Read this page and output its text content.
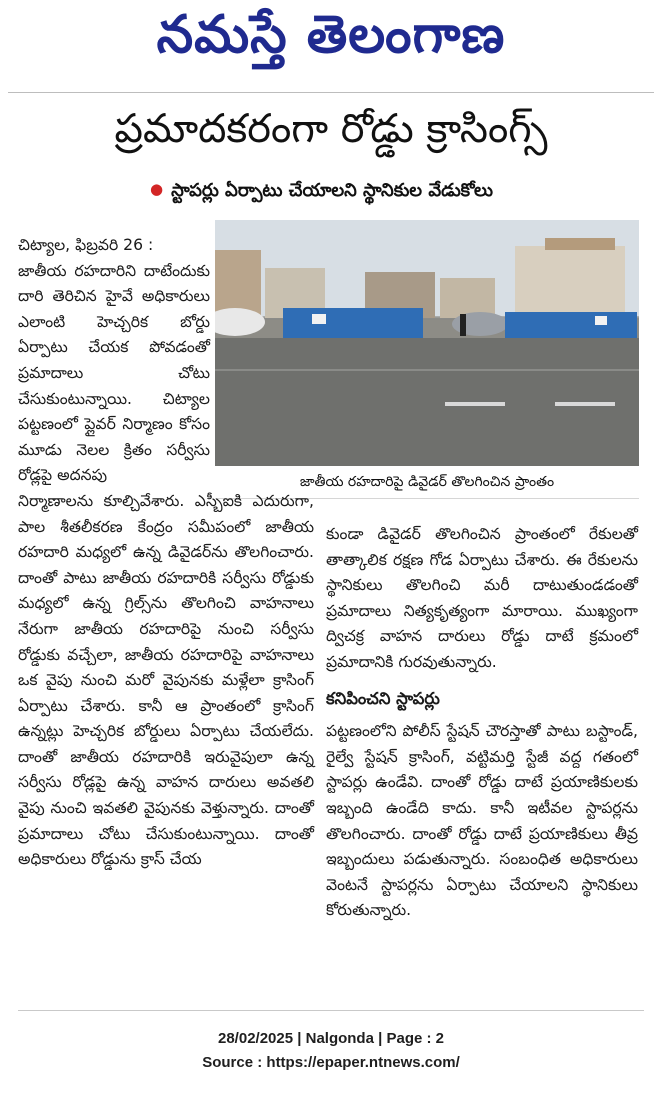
నమస్తే తెలంగాణ
ప్రమాదకరంగా రోడ్డు క్రాసింగ్స్
● స్టాపర్లు ఏర్పాటు చేయాలని స్థానికుల వేడుకోలు
జాతీయ రహదారిపై డివైడర్ తొలగించిన ప్రాంతం

చిట్యాల, ఫిబ్రవరి 26 :

జాతీయ రహదారిని దాటేందుకు దారి తెరిచిన హైవే అధికారులు ఎలాంటి హెచ్చరిక బోర్డు ఏర్పాటు చేయక పోవడంతో ప్రమాదాలు చోటు చేసుకుంటున్నాయి. చిట్యాల పట్టణంలో ప్లైవర్ నిర్మాణం కోసం మూడు నెలల క్రితం సర్వీసు రోడ్లపై అదనపు

నిర్మాణాలను కూల్చివేశారు. ఎస్బీఐకి ఎదురుగా, పాల శీతలీకరణ కేంద్రం సమీపంలో జాతీయ రహదారి మధ్యలో ఉన్న డివైడర్‌ను తొలగించారు. దాంతో పాటు జాతీయ రహదారికి సర్వీసు రోడ్డుకు మధ్యలో ఉన్న గ్రిల్స్‌ను తొలగించి వాహనాలు నేరుగా జాతీయ రహదారిపై నుంచి సర్వీసు రోడ్డుకు వచ్చేలా, జాతీయ రహదారిపై వాహనాలు ఒక వైపు నుంచి మరో వైపునకు మళ్లేలా క్రాసింగ్ ఏర్పాటు చేశారు. కానీ ఆ ప్రాంతంలో క్రాసింగ్ ఉన్నట్లు హెచ్చరిక బోర్డులు ఏర్పాటు చేయలేదు. దాంతో జాతీయ రహదారికి ఇరువైపులా ఉన్న సర్వీసు రోడ్లపై ఉన్న వాహన దారులు అవతలి వైపు నుంచి ఇవతలి వైపునకు వెళ్తున్నారు. దాంతో ప్రమాదాలు చోటు చేసుకుంటున్నాయి. దాంతో అధికారులు రోడ్డును క్రాస్ చేయ

కుండా డివైడర్ తొలగించిన ప్రాంతంలో రేకులతో తాత్కాలిక రక్షణ గోడ ఏర్పాటు చేశారు. ఈ రేకులను స్థానికులు తొలగించి మరీ దాటుతుండడంతో ప్రమాదాలు నిత్యకృత్యంగా మారాయి. ముఖ్యంగా ద్విచక్ర వాహన దారులు రోడ్డు దాటే క్రమంలో ప్రమాదానికి గురవుతున్నారు.

కనిపించని స్టాపర్లు

పట్టణంలోని పోలీస్ స్టేషన్ చౌరస్తాతో పాటు బస్టాండ్, రైల్వే స్టేషన్ క్రాసింగ్, వట్టిమర్తి స్టేజీ వద్ద గతంలో స్టాపర్లు ఉండేవి. దాంతో రోడ్డు దాటే ప్రయాణికులకు ఇబ్బంది ఉండేది కాదు. కానీ ఇటీవల స్టాపర్లను తొలగించారు. దాంతో రోడ్డు దాటే ప్రయాణికులు తీవ్ర ఇబ్బందులు పడుతున్నారు. సంబంధిత అధికారులు వెంటనే స్టాపర్లను ఏర్పాటు చేయాలని స్థానికులు కోరుతున్నారు.

28/02/2025 | Nalgonda | Page : 2
Source : https://epaper.ntnews.com/
